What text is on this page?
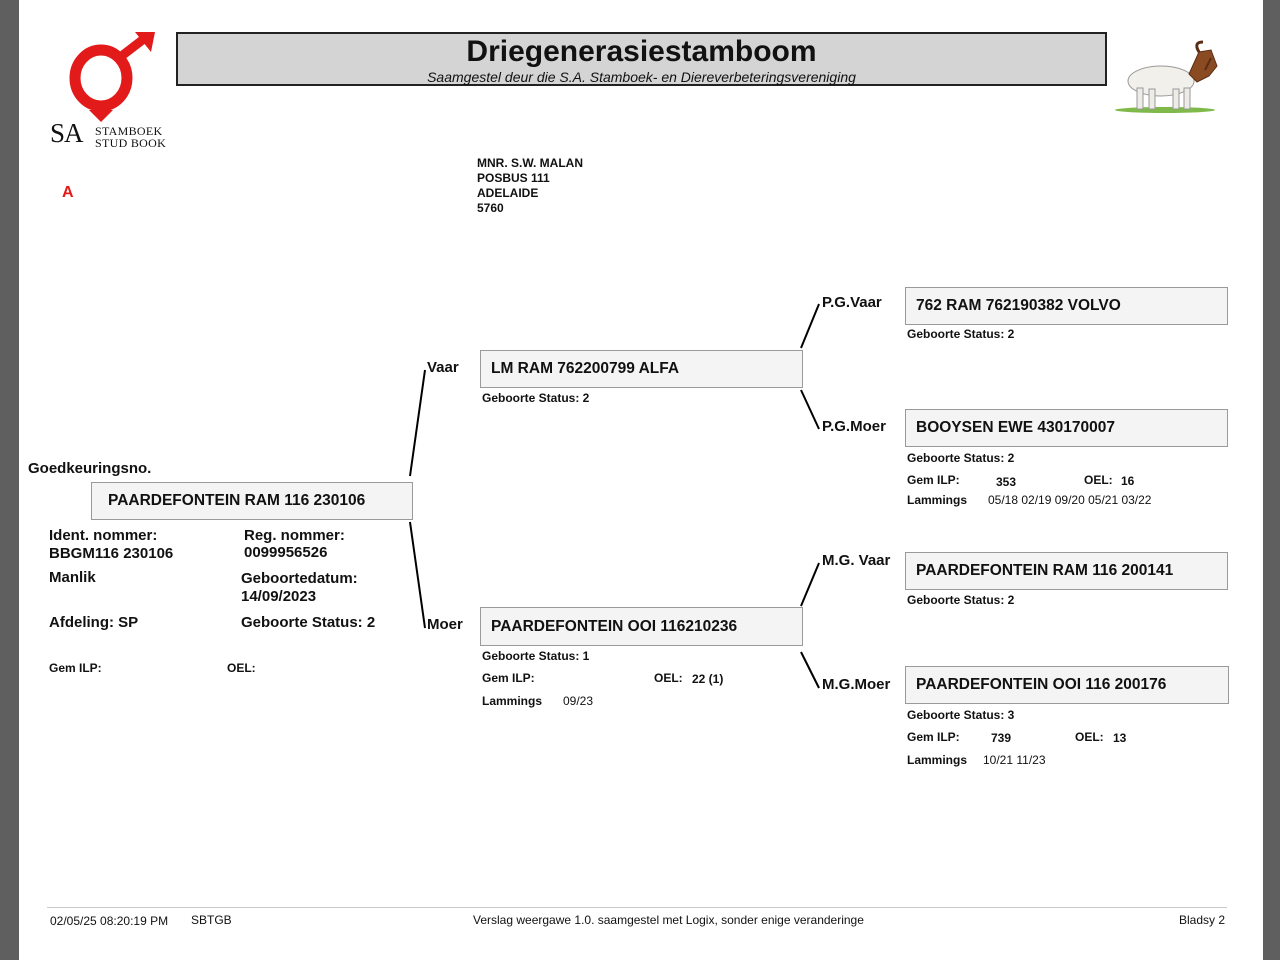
SA STAMBOEK
STUD BOOK
Driegenerasiestamboom
Saamgestel deur die S.A. Stamboek- en Diereverbeteringsvereniging
A
MNR. S.W. MALAN
POSBUS 111
ADELAIDE
5760
Goedkeuringsno.
PAARDEFONTEIN RAM 116 230106
Ident. nommer:
BBGM116 230106
Reg. nommer:
0099956526
Manlik	Geboortedatum:
14/09/2023
Afdeling: SP	Geboorte Status: 2
Gem ILP:	OEL:
Vaar	LM RAM 762200799 ALFA
Geboorte Status: 2
Moer	PAARDEFONTEIN OOI 116210236
Geboorte Status: 1
Gem ILP:	OEL: 22 (1)
Lammings 09/23
P.G.Vaar	762 RAM 762190382 VOLVO
Geboorte Status: 2
P.G.Moer	BOOYSEN EWE 430170007
Geboorte Status: 2
Gem ILP:	353	OEL: 16
Lammings 05/18 02/19 09/20 05/21 03/22
M.G. Vaar
PAARDEFONTEIN RAM 116 200141
Geboorte Status: 2
M.G.Moer	PAARDEFONTEIN OOI 116 200176
Geboorte Status: 3
Gem ILP:	739	OEL: 13
Lammings 10/21 11/23
02/05/25 08:20:19 PM SBTGB	Verslag weergawe 1.0. saamgestel met Logix, sonder enige veranderinge	Bladsy 2
